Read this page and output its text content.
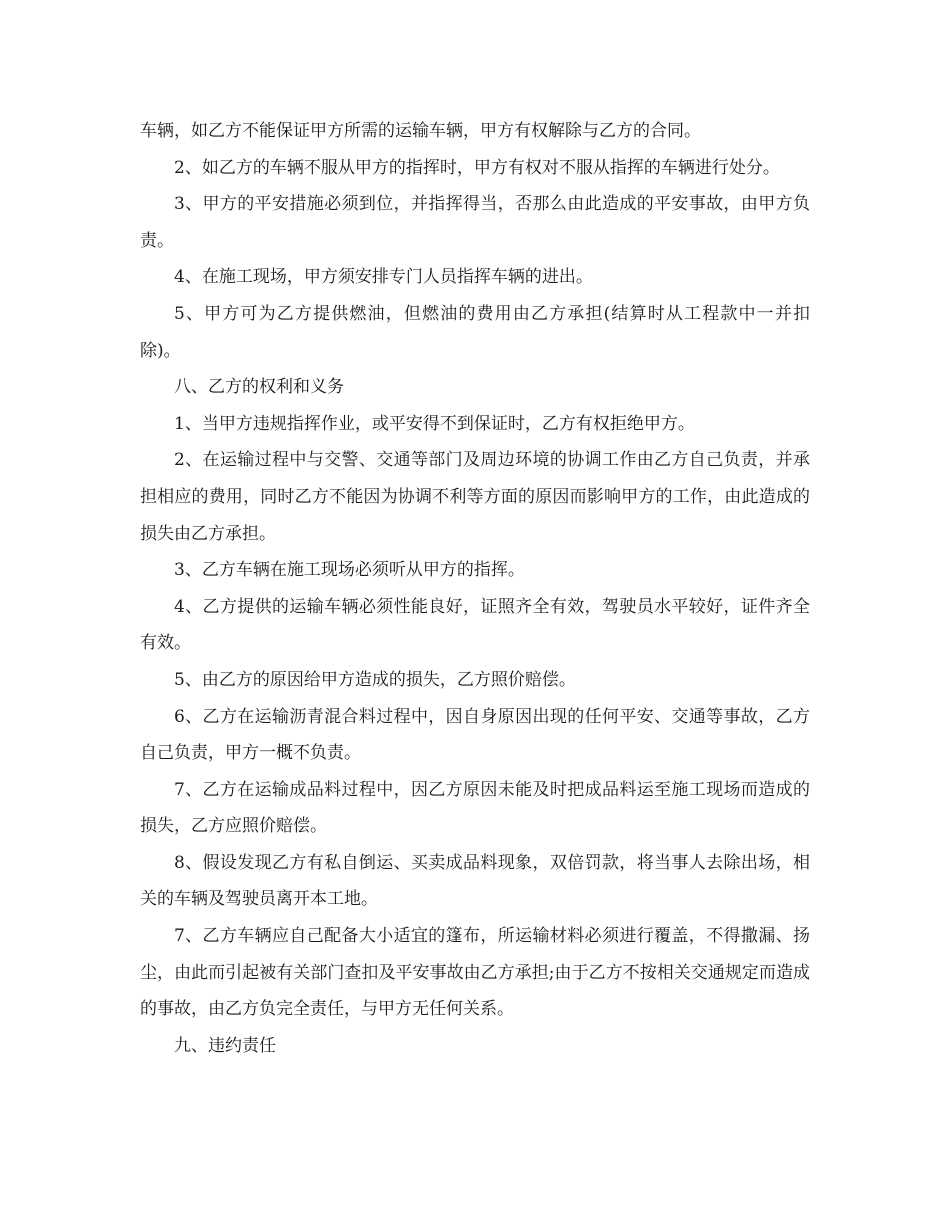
车辆，如乙方不能保证甲方所需的运输车辆，甲方有权解除与乙方的合同。

2、如乙方的车辆不服从甲方的指挥时，甲方有权对不服从指挥的车辆进行处分。

3、甲方的平安措施必须到位，并指挥得当，否那么由此造成的平安事故，由甲方负责。

4、在施工现场，甲方须安排专门人员指挥车辆的进出。

5、甲方可为乙方提供燃油，但燃油的费用由乙方承担(结算时从工程款中一并扣除)。

八、乙方的权利和义务

1、当甲方违规指挥作业，或平安得不到保证时，乙方有权拒绝甲方。

2、在运输过程中与交警、交通等部门及周边环境的协调工作由乙方自己负责，并承担相应的费用，同时乙方不能因为协调不利等方面的原因而影响甲方的工作，由此造成的损失由乙方承担。

3、乙方车辆在施工现场必须听从甲方的指挥。

4、乙方提供的运输车辆必须性能良好，证照齐全有效，驾驶员水平较好，证件齐全有效。

5、由乙方的原因给甲方造成的损失，乙方照价赔偿。

6、乙方在运输沥青混合料过程中，因自身原因出现的任何平安、交通等事故，乙方自己负责，甲方一概不负责。

7、乙方在运输成品料过程中，因乙方原因未能及时把成品料运至施工现场而造成的损失，乙方应照价赔偿。

8、假设发现乙方有私自倒运、买卖成品料现象，双倍罚款，将当事人去除出场，相关的车辆及驾驶员离开本工地。

7、乙方车辆应自己配备大小适宜的篷布，所运输材料必须进行覆盖，不得撒漏、扬尘，由此而引起被有关部门查扣及平安事故由乙方承担;由于乙方不按相关交通规定而造成的事故，由乙方负完全责任，与甲方无任何关系。

九、违约责任
